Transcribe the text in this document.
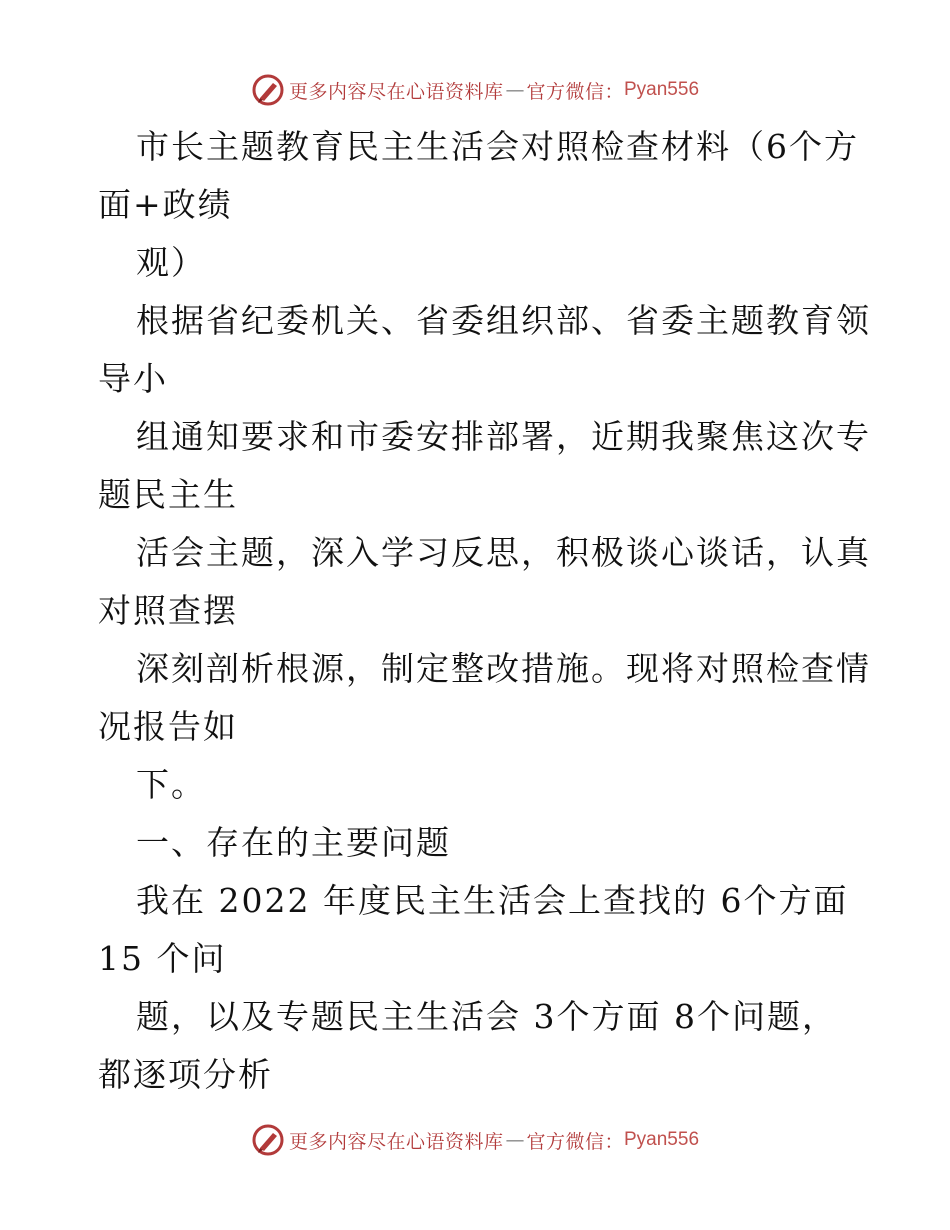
更多内容尽在心语资料库 — 官方微信： Pyan556
市长主题教育民主生活会对照检查材料（6个方
面+政绩
观）
根据省纪委机关、省委组织部、省委主题教育领
导小
组通知要求和市委安排部署，近期我聚焦这次专
题民主生
活会主题，深入学习反思，积极谈心谈话，认真
对照查摆
深刻剖析根源，制定整改措施。现将对照检查情
况报告如
下。
一、存在的主要问题
我在 2022 年度民主生活会上查找的 6个方面
15 个问
题，以及专题民主生活会 3个方面 8个问题，
都逐项分析
更多内容尽在心语资料库 — 官方微信： Pyan556
